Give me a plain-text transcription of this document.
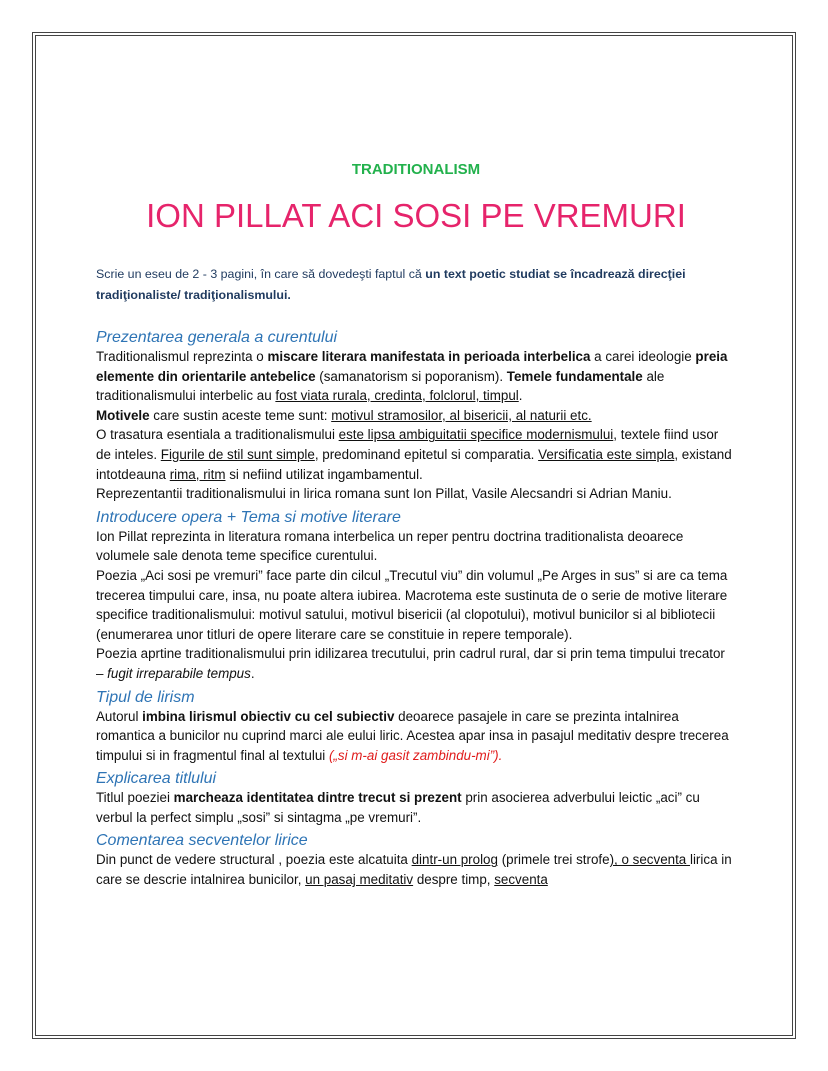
TRADITIONALISM
ION PILLAT ACI SOSI PE VREMURI

Scrie un eseu de 2 - 3 pagini, în care să dovedeşti faptul că un text poetic studiat se încadrează direcţiei tradiţionaliste/ tradiţionalismului.

Prezentarea generala a curentului

Traditionalismul reprezinta o miscare literara manifestata in perioada interbelica a carei ideologie preia elemente din orientarile antebelice (samanatorism si poporanism). Temele fundamentale ale traditionalismului interbelic au fost viata rurala, credinta, folclorul, timpul.
Motivele care sustin aceste teme sunt: motivul stramosilor, al bisericii, al naturii etc.

O trasatura esentiala a traditionalismului este lipsa ambiguitatii specifice modernismului, textele fiind usor de inteles. Figurile de stil sunt simple, predominand epitetul si comparatia. Versificatia este simpla, existand intotdeauna rima, ritm si nefiind utilizat ingambamentul.

Reprezentantii traditionalismului in lirica romana sunt Ion Pillat, Vasile Alecsandri si Adrian Maniu.

Introducere opera + Tema si motive literare

Ion Pillat reprezinta in literatura romana interbelica un reper pentru doctrina traditionalista deoarece volumele sale denota teme specifice curentului.

Poezia „Aci sosi pe vremuri” face parte din cilcul „Trecutul viu” din volumul „Pe Arges in sus” si are ca tema trecerea timpului care, insa, nu poate altera iubirea. Macrotema este sustinuta de o serie de motive literare specifice traditionalismului: motivul satului, motivul bisericii (al clopotului), motivul bunicilor si al bibliotecii (enumerarea unor titluri de opere literare care se constituie in repere temporale).

Poezia aprtine traditionalismului prin idilizarea trecutului, prin cadrul rural, dar si prin tema timpului trecator – fugit irreparabile tempus.

Tipul de lirism

Autorul imbina lirismul obiectiv cu cel subiectiv deoarece pasajele in care se prezinta intalnirea romantica a bunicilor nu cuprind marci ale eului liric. Acestea apar insa in pasajul meditativ despre trecerea timpului si in fragmentul final al textului („si m-ai gasit zambindu-mi”).

Explicarea titlului

Titlul poeziei marcheaza identitatea dintre trecut si prezent prin asocierea adverbului leictic „aci” cu verbul la perfect simplu „sosi” si sintagma „pe vremuri”.

Comentarea secventelor lirice

Din punct de vedere structural , poezia este alcatuita dintr-un prolog (primele trei strofe), o secventa lirica in care se descrie intalnirea bunicilor, un pasaj meditativ despre timp, secventa
